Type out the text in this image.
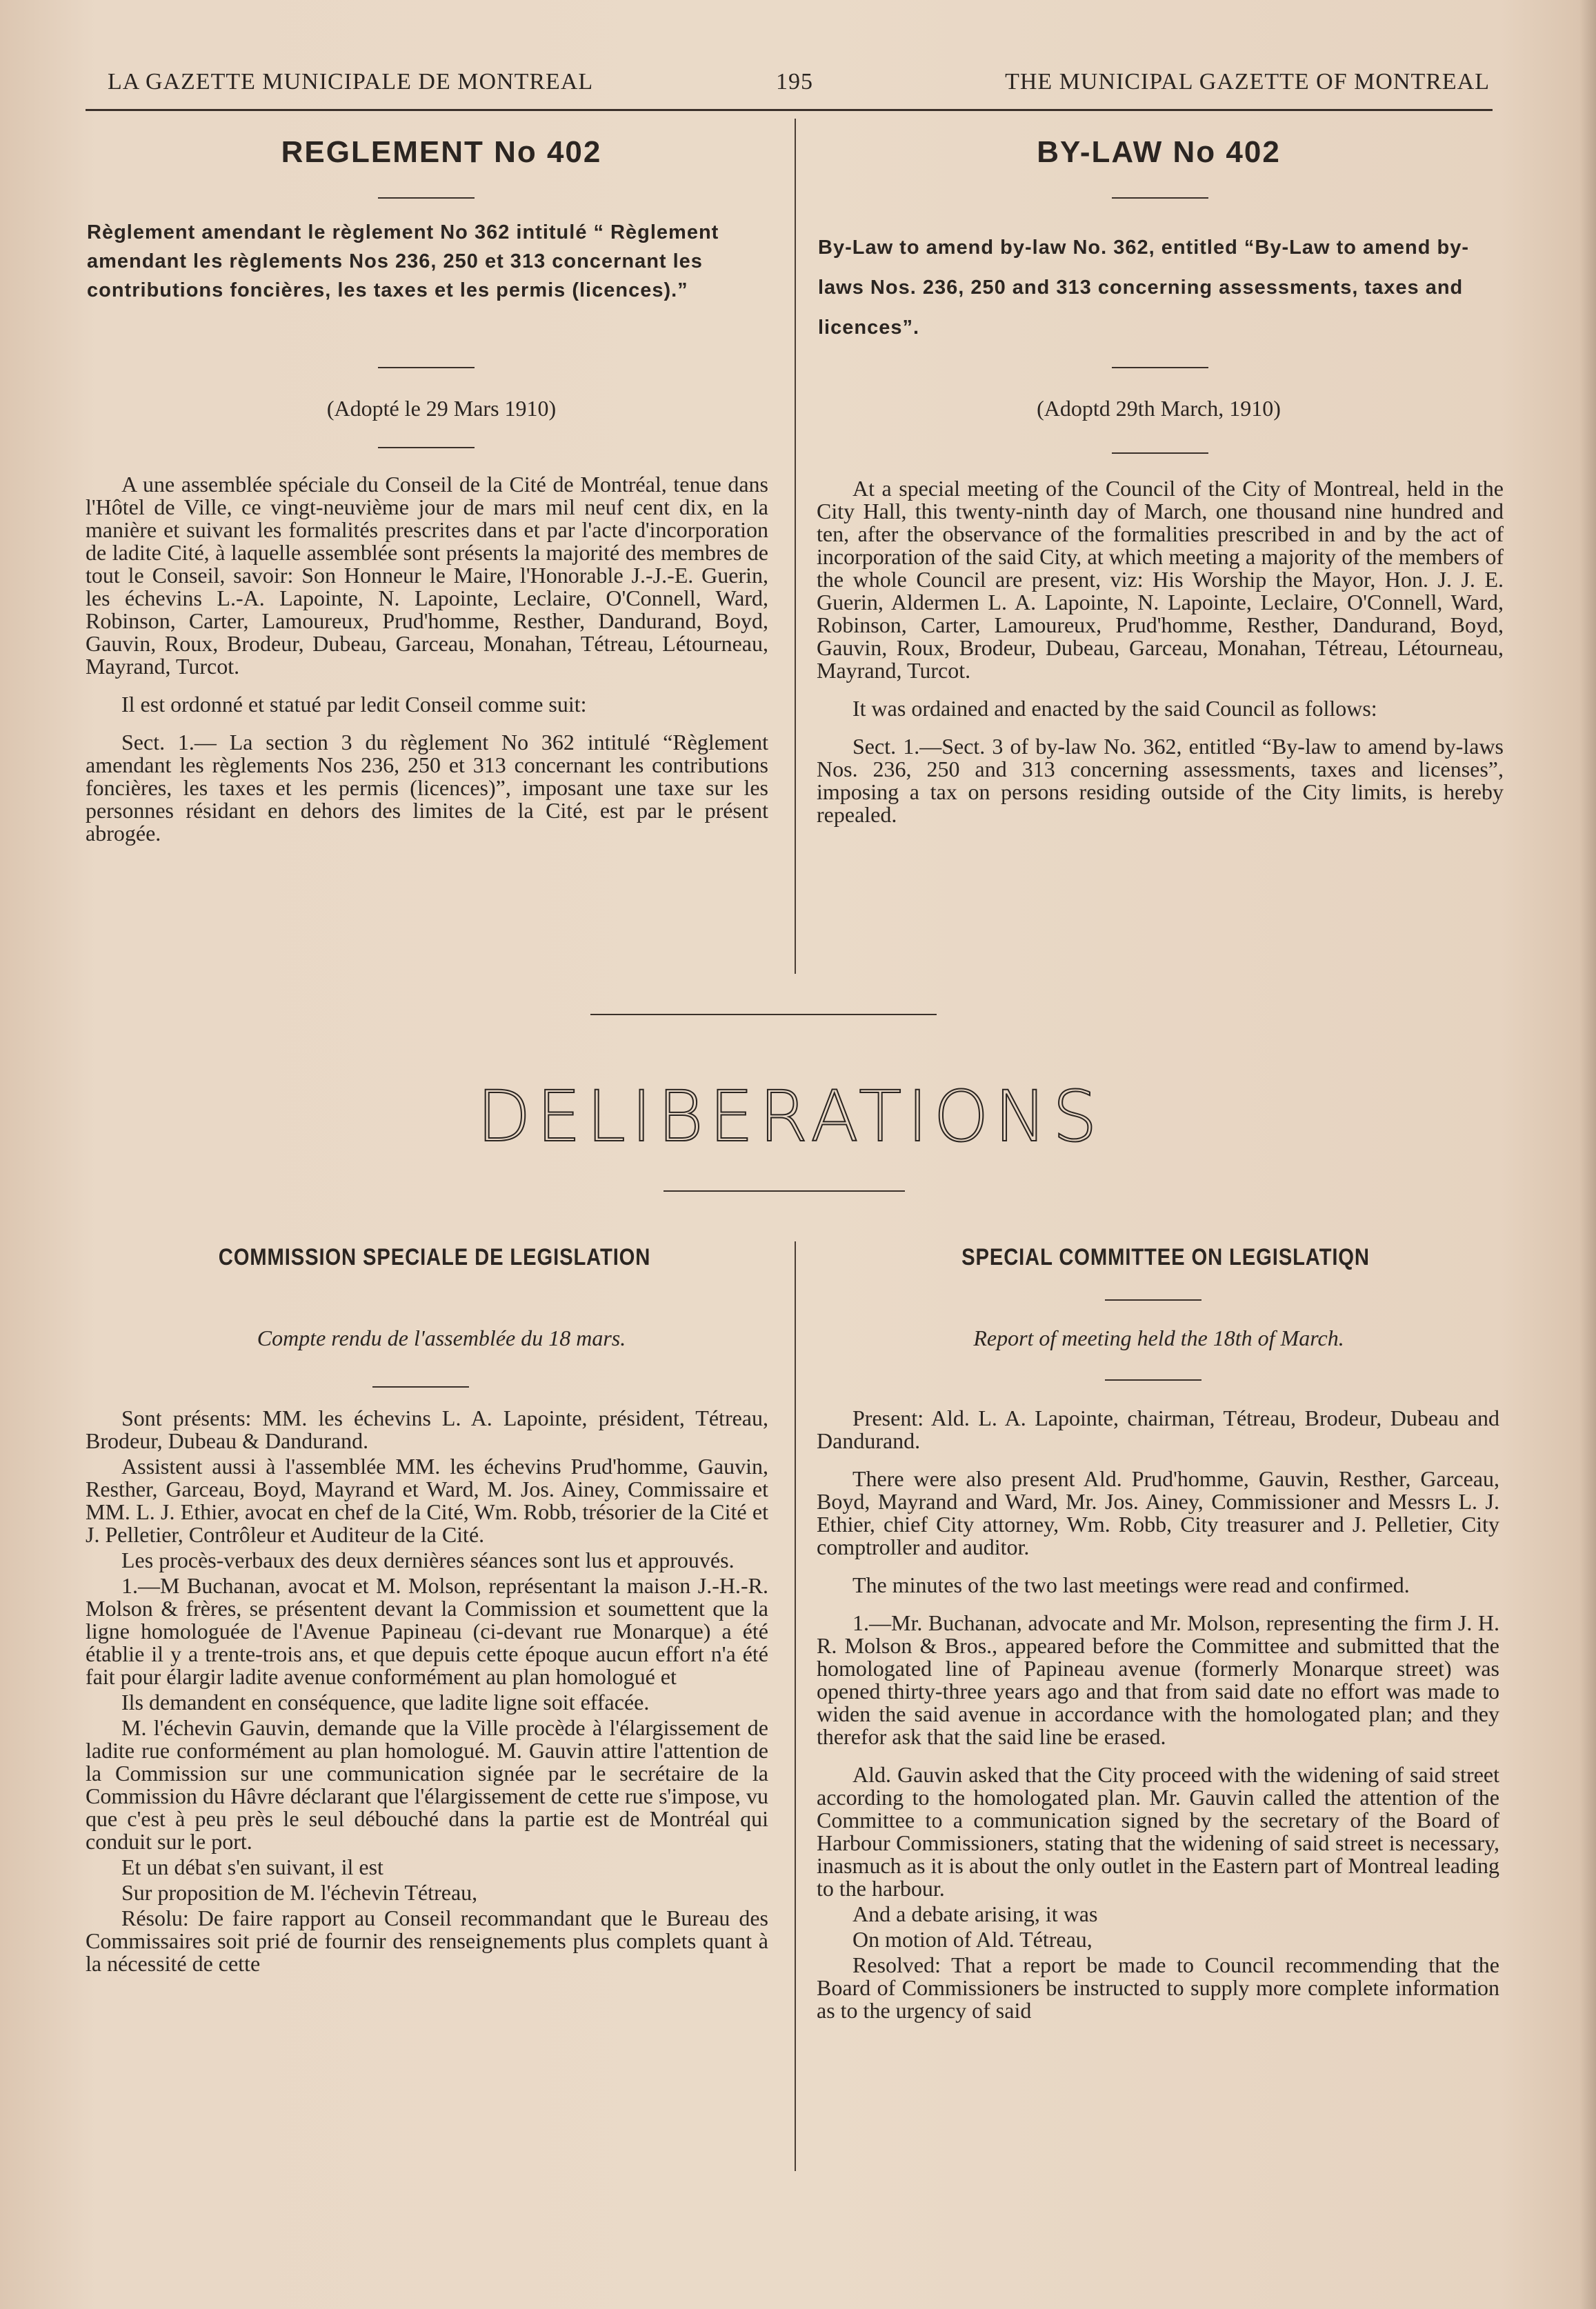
LA GAZETTE MUNICIPALE DE MONTREAL	195	THE MUNICIPAL GAZETTE OF MONTREAL
REGLEMENT No 402
Règlement amendant le règlement No 362 intitulé “ Règlement amendant les règlements Nos 236, 250 et 313 concernant les contributions foncières, les taxes et les permis (licences).”
(Adopté le 29 Mars 1910)

A une assemblée spéciale du Conseil de la Cité de Montréal, tenue dans l'Hôtel de Ville, ce vingt-neuvième jour de mars mil neuf cent dix, en la manière et suivant les formalités prescrites dans et par l'acte d'incorporation de ladite Cité, à laquelle assemblée sont présents la majorité des membres de tout le Conseil, savoir: Son Honneur le Maire, l'Honorable J.-J.-E. Guerin, les échevins L.-A. Lapointe, N. Lapointe, Leclaire, O'Connell, Ward, Robinson, Carter, Lamoureux, Prud'homme, Resther, Dandurand, Boyd, Gauvin, Roux, Brodeur, Dubeau, Garceau, Monahan, Tétreau, Létourneau, Mayrand, Turcot.

Il est ordonné et statué par ledit Conseil comme suit:

Sect. 1.— La section 3 du règlement No 362 intitulé “Règlement amendant les règlements Nos 236, 250 et 313 concernant les contributions foncières, les taxes et les permis (licences)”, imposant une taxe sur les personnes résidant en dehors des limites de la Cité, est par le présent abrogée.

BY-LAW No 402
By-Law to amend by-law No. 362, entitled “By-Law to amend by-laws Nos. 236, 250 and 313 concerning assessments, taxes and licences”.
(Adoptd 29th March, 1910)

At a special meeting of the Council of the City of Montreal, held in the City Hall, this twenty-ninth day of March, one thousand nine hundred and ten, after the observance of the formalities prescribed in and by the act of incorporation of the said City, at which meeting a majority of the members of the whole Council are present, viz: His Worship the Mayor, Hon. J. J. E. Guerin, Aldermen L. A. Lapointe, N. Lapointe, Leclaire, O'Connell, Ward, Robinson, Carter, Lamoureux, Prud'homme, Resther, Dandurand, Boyd, Gauvin, Roux, Brodeur, Dubeau, Garceau, Monahan, Tétreau, Létourneau, Mayrand, Turcot.

It was ordained and enacted by the said Council as follows:

Sect. 1.—Sect. 3 of by-law No. 362, entitled “By-law to amend by-laws Nos. 236, 250 and 313 concerning assessments, taxes and licenses”, imposing a tax on persons residing outside of the City limits, is hereby repealed.

DELIBERATIONS
COMMISSION SPECIALE DE LEGISLATION
Compte rendu de l'assemblée du 18 mars.

Sont présents: MM. les échevins L. A. Lapointe, président, Tétreau, Brodeur, Dubeau & Dandurand.

Assistent aussi à l'assemblée MM. les échevins Prud'homme, Gauvin, Resther, Garceau, Boyd, Mayrand et Ward, M. Jos. Ainey, Commissaire et MM. L. J. Ethier, avocat en chef de la Cité, Wm. Robb, trésorier de la Cité et J. Pelletier, Contrôleur et Auditeur de la Cité.

Les procès-verbaux des deux dernières séances sont lus et approuvés.

1.—M Buchanan, avocat et M. Molson, représentant la maison J.-H.-R. Molson & frères, se présentent devant la Commission et soumettent que la ligne homologuée de l'Avenue Papineau (ci-devant rue Monarque) a été établie il y a trente-trois ans, et que depuis cette époque aucun effort n'a été fait pour élargir ladite avenue conformément au plan homologué et

Ils demandent en conséquence, que ladite ligne soit effacée.

M. l'échevin Gauvin, demande que la Ville procède à l'élargissement de ladite rue conformément au plan homologué. M. Gauvin attire l'attention de la Commission sur une communication signée par le secrétaire de la Commission du Hâvre déclarant que l'élargissement de cette rue s'impose, vu que c'est à peu près le seul débouché dans la partie est de Montréal qui conduit sur le port.

Et un débat s'en suivant, il est

Sur proposition de M. l'échevin Tétreau,

Résolu: De faire rapport au Conseil recommandant que le Bureau des Commissaires soit prié de fournir des renseignements plus complets quant à la nécessité de cette

SPECIAL COMMITTEE ON LEGISLATIQN
Report of meeting held the 18th of March.

Present: Ald. L. A. Lapointe, chairman, Tétreau, Brodeur, Dubeau and Dandurand.

There were also present Ald. Prud'homme, Gauvin, Resther, Garceau, Boyd, Mayrand and Ward, Mr. Jos. Ainey, Commissioner and Messrs L. J. Ethier, chief City attorney, Wm. Robb, City treasurer and J. Pelletier, City comptroller and auditor.

The minutes of the two last meetings were read and confirmed.

1.—Mr. Buchanan, advocate and Mr. Molson, representing the firm J. H. R. Molson & Bros., appeared before the Committee and submitted that the homologated line of Papineau avenue (formerly Monarque street) was opened thirty-three years ago and that from said date no effort was made to widen the said avenue in accordance with the homologated plan; and they therefor ask that the said line be erased.

Ald. Gauvin asked that the City proceed with the widening of said street according to the homologated plan. Mr. Gauvin called the attention of the Committee to a communication signed by the secretary of the Board of Harbour Commissioners, stating that the widening of said street is necessary, inasmuch as it is about the only outlet in the Eastern part of Montreal leading to the harbour.

And a debate arising, it was

On motion of Ald. Tétreau,

Resolved: That a report be made to Council recommending that the Board of Commissioners be instructed to supply more complete information as to the urgency of said
